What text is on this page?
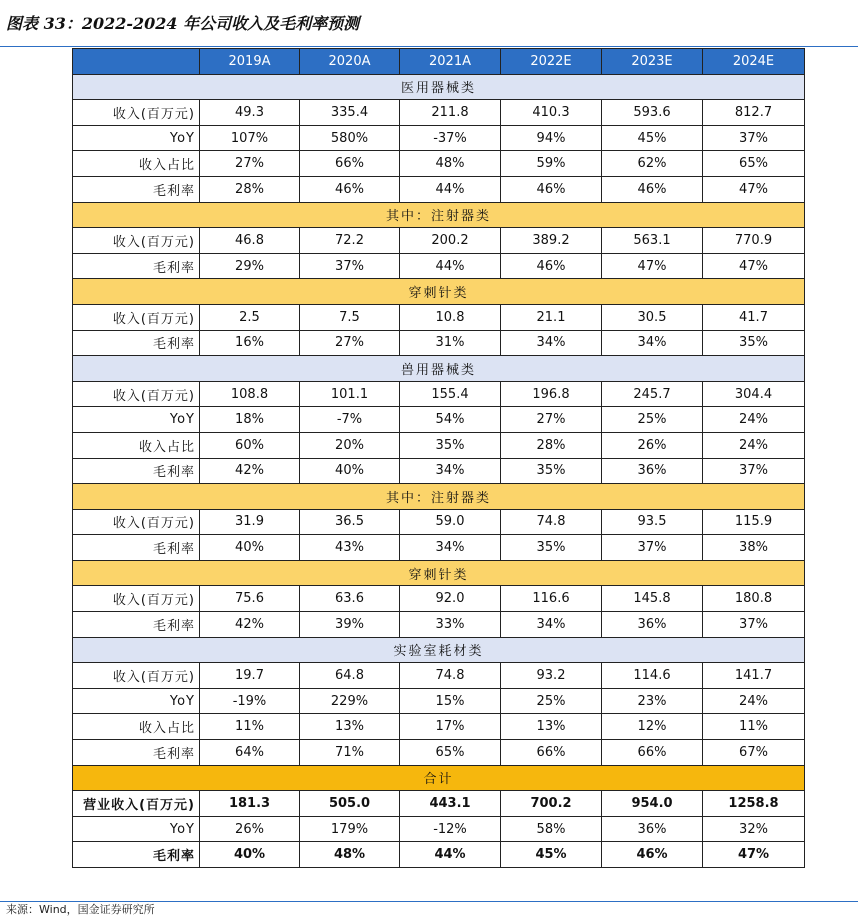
图表 33：2022-2024 年公司收入及毛利率预测
	2019A	2020A	2021A	2022E	2023E	2024E
医用器械类						
收入(百万元)	49.3	335.4	211.8	410.3	593.6	812.7
YoY	107%	580%	-37%	94%	45%	37%
收入占比	27%	66%	48%	59%	62%	65%
毛利率	28%	46%	44%	46%	46%	47%
其中：注射器类						
收入(百万元)	46.8	72.2	200.2	389.2	563.1	770.9
毛利率	29%	37%	44%	46%	47%	47%
穿刺针类						
收入(百万元)	2.5	7.5	10.8	21.1	30.5	41.7
毛利率	16%	27%	31%	34%	34%	35%
兽用器械类						
收入(百万元)	108.8	101.1	155.4	196.8	245.7	304.4
YoY	18%	-7%	54%	27%	25%	24%
收入占比	60%	20%	35%	28%	26%	24%
毛利率	42%	40%	34%	35%	36%	37%
其中：注射器类						
收入(百万元)	31.9	36.5	59.0	74.8	93.5	115.9
毛利率	40%	43%	34%	35%	37%	38%
穿刺针类						
收入(百万元)	75.6	63.6	92.0	116.6	145.8	180.8
毛利率	42%	39%	33%	34%	36%	37%
实验室耗材类						
收入(百万元)	19.7	64.8	74.8	93.2	114.6	141.7
YoY	-19%	229%	15%	25%	23%	24%
收入占比	11%	13%	17%	13%	12%	11%
毛利率	64%	71%	65%	66%	66%	67%
合计						
营业收入(百万元)	181.3	505.0	443.1	700.2	954.0	1258.8
YoY	26%	179%	-12%	58%	36%	32%
毛利率	40%	48%	44%	45%	46%	47%
来源：Wind，国金证券研究所
